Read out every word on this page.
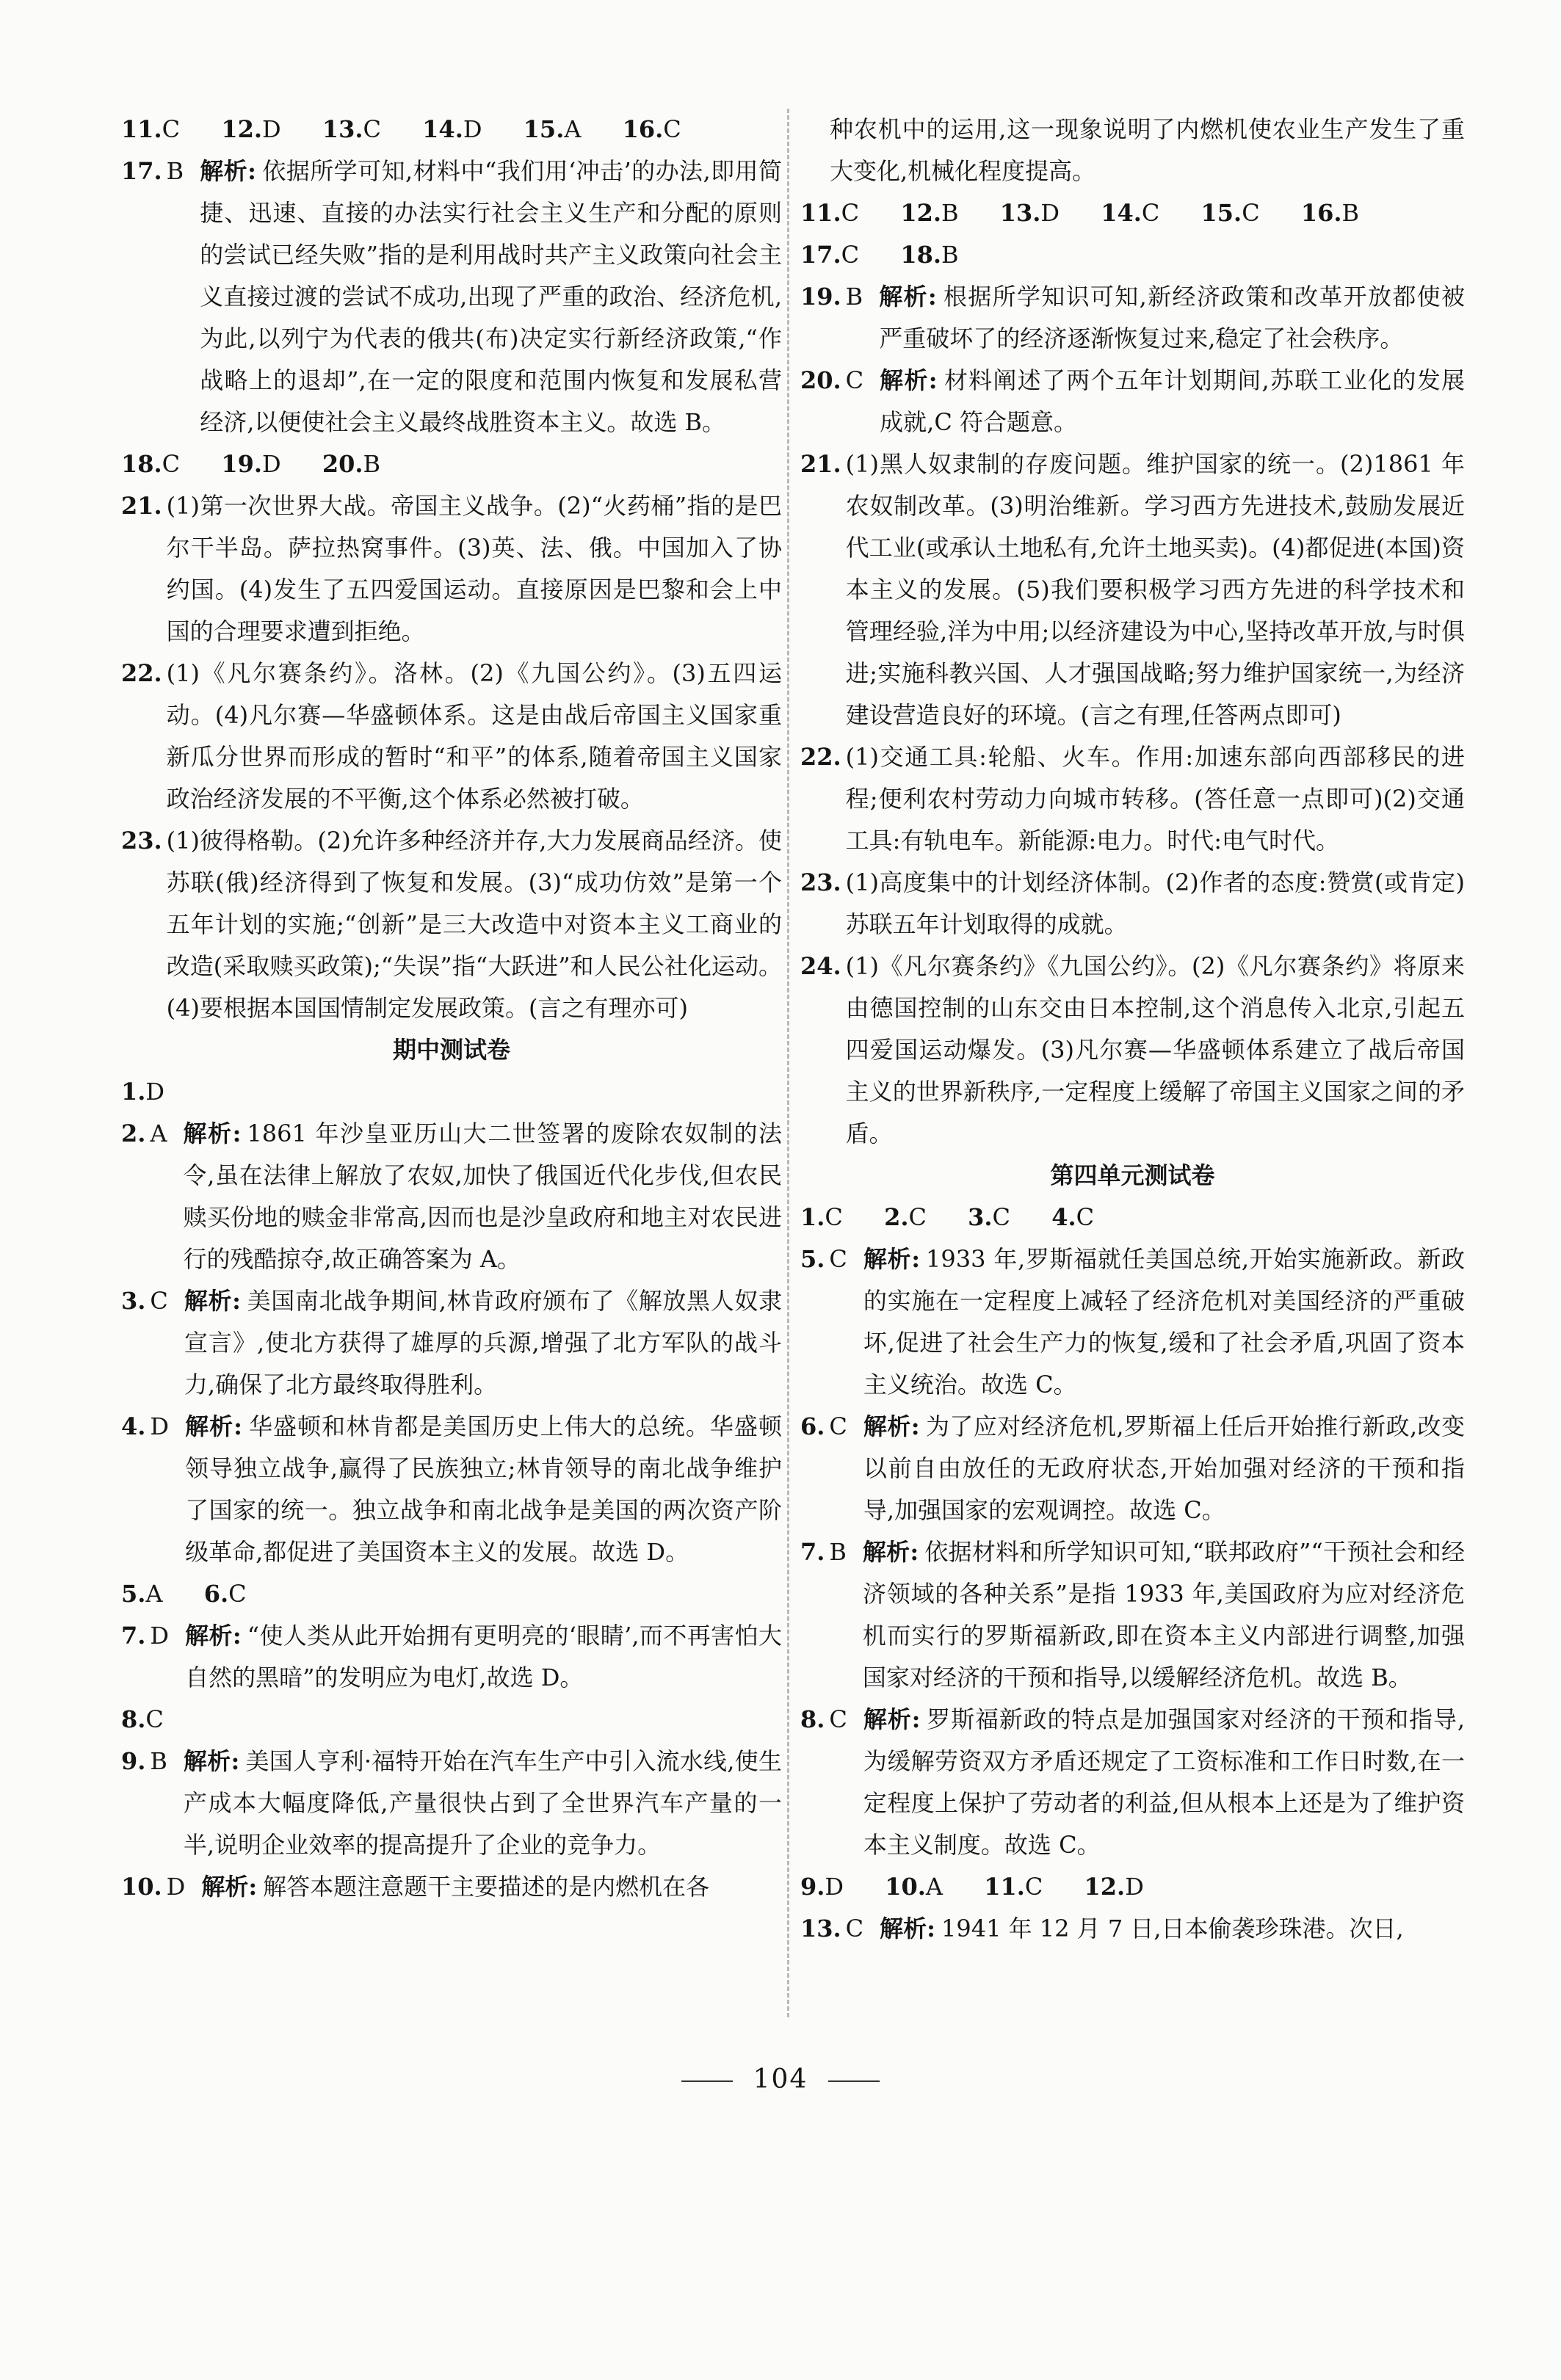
11.C 12.D 13.C 14.D 15.A 16.C

17. B 解析: 依据所学可知,材料中“我们用‘冲击’的办法,即用简捷、迅速、直接的办法实行社会主义生产和分配的原则的尝试已经失败”指的是利用战时共产主义政策向社会主义直接过渡的尝试不成功,出现了严重的政治、经济危机,为此,以列宁为代表的俄共(布)决定实行新经济政策,“作战略上的退却”,在一定的限度和范围内恢复和发展私营经济,以便使社会主义最终战胜资本主义。故选 B。

18.C 19.D 20.B

21. (1)第一次世界大战。帝国主义战争。(2)“火药桶”指的是巴尔干半岛。萨拉热窝事件。(3)英、法、俄。中国加入了协约国。(4)发生了五四爱国运动。直接原因是巴黎和会上中国的合理要求遭到拒绝。
22. (1)《凡尔赛条约》。洛林。(2)《九国公约》。(3)五四运动。(4)凡尔赛—华盛顿体系。这是由战后帝国主义国家重新瓜分世界而形成的暂时“和平”的体系,随着帝国主义国家政治经济发展的不平衡,这个体系必然被打破。
23. (1)彼得格勒。(2)允许多种经济并存,大力发展商品经济。使苏联(俄)经济得到了恢复和发展。(3)“成功仿效”是第一个五年计划的实施;“创新”是三大改造中对资本主义工商业的改造(采取赎买政策);“失误”指“大跃进”和人民公社化运动。(4)要根据本国国情制定发展政策。(言之有理亦可)

期中测试卷

1.D

2. A 解析: 1861 年沙皇亚历山大二世签署的废除农奴制的法令,虽在法律上解放了农奴,加快了俄国近代化步伐,但农民赎买份地的赎金非常高,因而也是沙皇政府和地主对农民进行的残酷掠夺,故正确答案为 A。
3. C 解析: 美国南北战争期间,林肯政府颁布了《解放黑人奴隶宣言》,使北方获得了雄厚的兵源,增强了北方军队的战斗力,确保了北方最终取得胜利。
4. D 解析: 华盛顿和林肯都是美国历史上伟大的总统。华盛顿领导独立战争,赢得了民族独立;林肯领导的南北战争维护了国家的统一。独立战争和南北战争是美国的两次资产阶级革命,都促进了美国资本主义的发展。故选 D。

5.A 6.C

7. D 解析: “使人类从此开始拥有更明亮的‘眼睛’,而不再害怕大自然的黑暗”的发明应为电灯,故选 D。

8.C

9. B 解析: 美国人亨利·福特开始在汽车生产中引入流水线,使生产成本大幅度降低,产量很快占到了全世界汽车产量的一半,说明企业效率的提高提升了企业的竞争力。
10. D 解析: 解答本题注意题干主要描述的是内燃机在各

种农机中的运用,这一现象说明了内燃机使农业生产发生了重大变化,机械化程度提高。

11.C 12.B 13.D 14.C 15.C 16.B 17.C 18.B

19. B 解析: 根据所学知识可知,新经济政策和改革开放都使被严重破坏了的经济逐渐恢复过来,稳定了社会秩序。
20. C 解析: 材料阐述了两个五年计划期间,苏联工业化的发展成就,C 符合题意。
21. (1)黑人奴隶制的存废问题。维护国家的统一。(2)1861 年农奴制改革。(3)明治维新。学习西方先进技术,鼓励发展近代工业(或承认土地私有,允许土地买卖)。(4)都促进(本国)资本主义的发展。(5)我们要积极学习西方先进的科学技术和管理经验,洋为中用;以经济建设为中心,坚持改革开放,与时俱进;实施科教兴国、人才强国战略;努力维护国家统一,为经济建设营造良好的环境。(言之有理,任答两点即可)
22. (1)交通工具:轮船、火车。作用:加速东部向西部移民的进程;便利农村劳动力向城市转移。(答任意一点即可)(2)交通工具:有轨电车。新能源:电力。时代:电气时代。
23. (1)高度集中的计划经济体制。(2)作者的态度:赞赏(或肯定)苏联五年计划取得的成就。
24. (1)《凡尔赛条约》《九国公约》。(2)《凡尔赛条约》将原来由德国控制的山东交由日本控制,这个消息传入北京,引起五四爱国运动爆发。(3)凡尔赛—华盛顿体系建立了战后帝国主义的世界新秩序,一定程度上缓解了帝国主义国家之间的矛盾。

第四单元测试卷

1.C 2.C 3.C 4.C

5. C 解析: 1933 年,罗斯福就任美国总统,开始实施新政。新政的实施在一定程度上减轻了经济危机对美国经济的严重破坏,促进了社会生产力的恢复,缓和了社会矛盾,巩固了资本主义统治。故选 C。
6. C 解析: 为了应对经济危机,罗斯福上任后开始推行新政,改变以前自由放任的无政府状态,开始加强对经济的干预和指导,加强国家的宏观调控。故选 C。
7. B 解析: 依据材料和所学知识可知,“联邦政府”“干预社会和经济领域的各种关系”是指 1933 年,美国政府为应对经济危机而实行的罗斯福新政,即在资本主义内部进行调整,加强国家对经济的干预和指导,以缓解经济危机。故选 B。
8. C 解析: 罗斯福新政的特点是加强国家对经济的干预和指导,为缓解劳资双方矛盾还规定了工资标准和工作日时数,在一定程度上保护了劳动者的利益,但从根本上还是为了维护资本主义制度。故选 C。

9.D 10.A 11.C 12.D

13. C 解析: 1941 年 12 月 7 日,日本偷袭珍珠港。次日,
104
